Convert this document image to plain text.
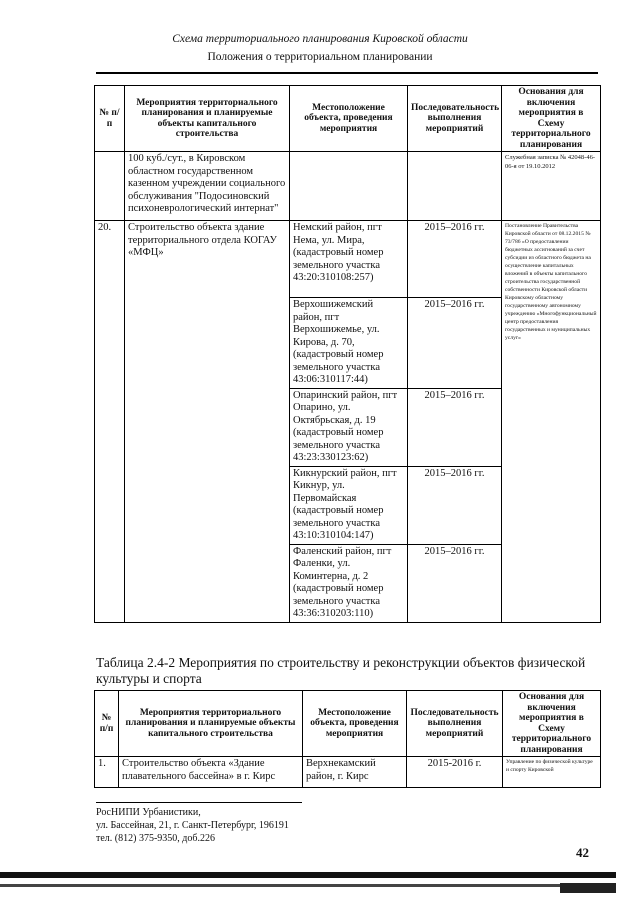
Схема территориального планирования Кировской области
Положения о территориальном планировании
№ п/п	Мероприятия территориального планирования и планируемые объекты капитального строительства	Местоположение объекта, проведения мероприятия	Последовательность выполнения мероприятий	Основания для включения мероприятия в Схему территориального планирования
	100 куб./сут., в Кировском областном государственном казенном учреждении социального обслуживания "Подосиновский психоневрологический интернат"			Служебная записка № 42048-46-06-я от 19.10.2012
20.	Строительство объекта здание территориального отдела КОГАУ «МФЦ»	Немский район, пгт Нема, ул. Мира, (кадастровый номер земельного участка 43:20:310108:257)	2015–2016 гг.	Постановление Правительства Кировской области от 08.12.2015 № 73/786 «О предоставлении бюджетных ассигнований за счет субсидии из областного бюджета на осуществление капитальных вложений в объекты капитального строительства государственной собственности Кировской области Кировскому областному государственному автономному учреждению «Многофункциональный центр предоставления государственных и муниципальных услуг»
		Верхошижемский район, пгт Верхошижемье, ул. Кирова, д. 70, (кадастровый номер земельного участка 43:06:310117:44)	2015–2016 гг.	
		Опаринский район, пгт Опарино, ул. Октябрьская, д. 19 (кадастровый номер земельного участка 43:23:330123:62)	2015–2016 гг.	
		Кикнурский район, пгт Кикнур, ул. Первомайская (кадастровый номер земельного участка 43:10:310104:147)	2015–2016 гг.	
		Фаленский район, пгт Фаленки, ул. Коминтерна, д. 2 (кадастровый номер земельного участка 43:36:310203:110)	2015–2016 гг.	
Таблица 2.4-2 Мероприятия по строительству и реконструкции объектов физической культуры и спорта
№ п/п	Мероприятия территориального планирования и планируемые объекты капитального строительства	Местоположение объекта, проведения мероприятия	Последовательность выполнения мероприятий	Основания для включения мероприятия в Схему территориального планирования
1.	Строительство объекта «Здание плавательного бассейна» в г. Кирс	Верхнекамский район, г. Кирс	2015-2016 г.	Управление по физической культуре и спорту Кировской
РосНИПИ Урбанистики,
ул. Бассейная, 21, г. Санкт-Петербург, 196191
тел. (812) 375-9350, доб.226
42
